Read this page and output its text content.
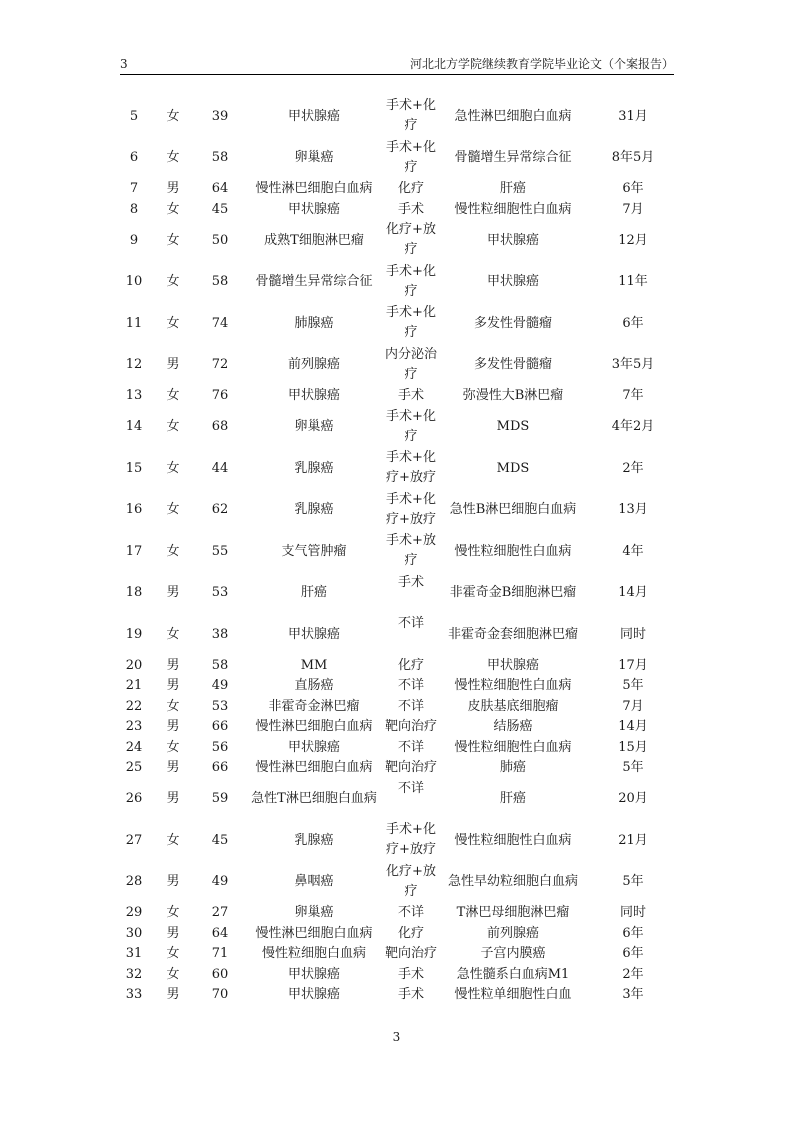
3	河北北方学院继续教育学院毕业论文（个案报告）
5	女	39	甲状腺癌	手术+化疗	急性淋巴细胞白血病	31月
6	女	58	卵巢癌	手术+化疗	骨髓增生异常综合征	8年5月
7	男	64	慢性淋巴细胞白血病	化疗	肝癌	6年
8	女	45	甲状腺癌	手术	慢性粒细胞性白血病	7月
9	女	50	成熟T细胞淋巴瘤	化疗+放疗	甲状腺癌	12月
10	女	58	骨髓增生异常综合征	手术+化疗	甲状腺癌	11年
11	女	74	肺腺癌	手术+化疗	多发性骨髓瘤	6年
12	男	72	前列腺癌	内分泌治疗	多发性骨髓瘤	3年5月
13	女	76	甲状腺癌	手术	弥漫性大B淋巴瘤	7年
14	女	68	卵巢癌	手术+化疗	MDS	4年2月
15	女	44	乳腺癌	手术+化疗+放疗	MDS	2年
16	女	62	乳腺癌	手术+化疗+放疗	急性B淋巴细胞白血病	13月
17	女	55	支气管肿瘤	手术+放疗	慢性粒细胞性白血病	4年
18	男	53	肝癌	手术	非霍奇金B细胞淋巴瘤	14月
19	女	38	甲状腺癌	不详	非霍奇金套细胞淋巴瘤	同时
20	男	58	MM	化疗	甲状腺癌	17月
21	男	49	直肠癌	不详	慢性粒细胞性白血病	5年
22	女	53	非霍奇金淋巴瘤	不详	皮肤基底细胞瘤	7月
23	男	66	慢性淋巴细胞白血病	靶向治疗	结肠癌	14月
24	女	56	甲状腺癌	不详	慢性粒细胞性白血病	15月
25	男	66	慢性淋巴细胞白血病	靶向治疗	肺癌	5年
26	男	59	急性T淋巴细胞白血病	不详	肝癌	20月
27	女	45	乳腺癌	手术+化疗+放疗	慢性粒细胞性白血病	21月
28	男	49	鼻咽癌	化疗+放疗	急性早幼粒细胞白血病	5年
29	女	27	卵巢癌	不详	T淋巴母细胞淋巴瘤	同时
30	男	64	慢性淋巴细胞白血病	化疗	前列腺癌	6年
31	女	71	慢性粒细胞白血病	靶向治疗	子宫内膜癌	6年
32	女	60	甲状腺癌	手术	急性髓系白血病M1	2年
33	男	70	甲状腺癌	手术	慢性粒单细胞性白血	3年
3
